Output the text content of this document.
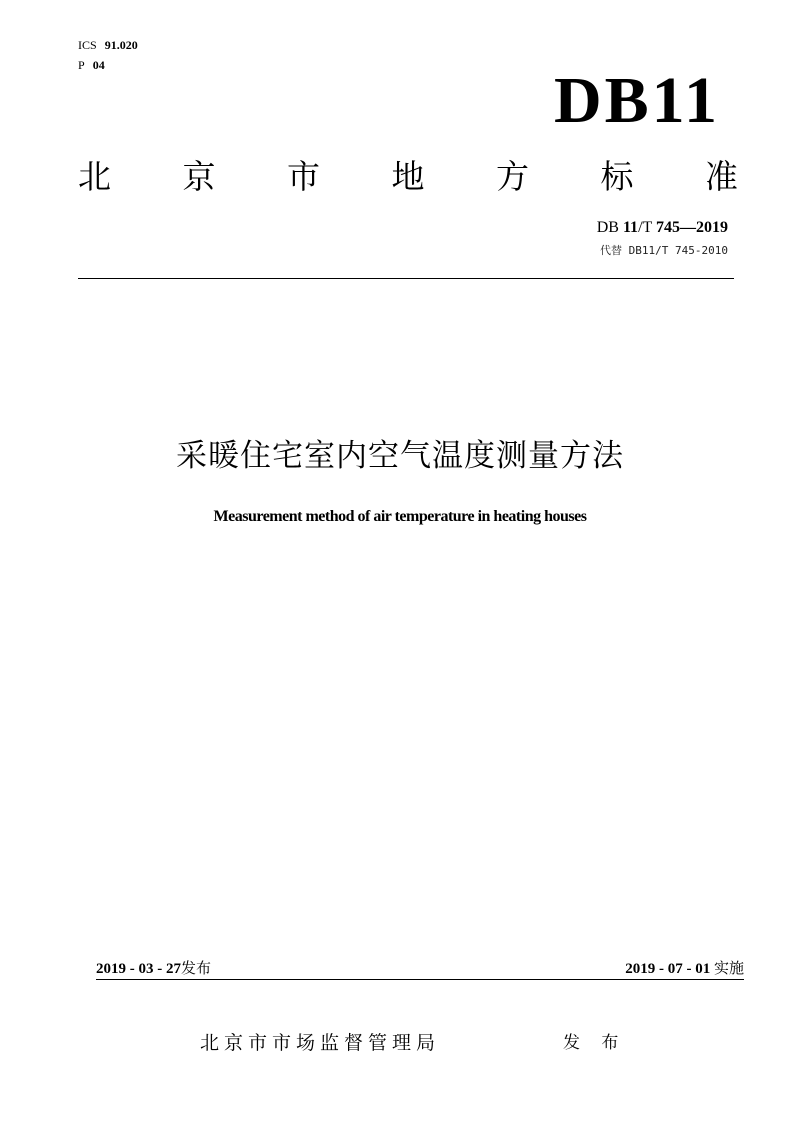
ICS 91.020
P 04	DB11
北 京 市 地 方 标 准
DB 11/T 745—2019
代替 DB11/T 745-2010
采暖住宅室内空气温度测量方法
Measurement method of air temperature in heating houses
2019 - 03 - 27发布	2019 - 07 - 01 实施
北京市市场监督管理局	发 布
